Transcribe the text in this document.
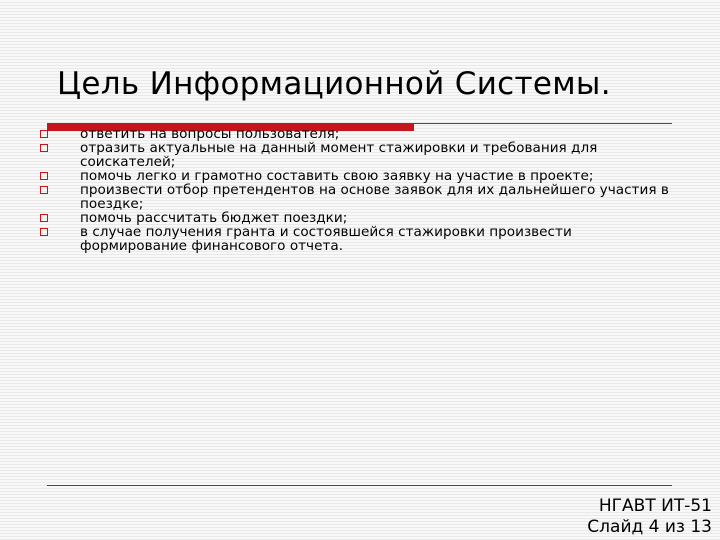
Цель Информационной Системы.
ответить на вопросы пользователя;
отразить актуальные на данный момент стажировки и требования для соискателей;
помочь легко и грамотно составить свою заявку на участие в проекте;
произвести отбор претендентов на основе заявок для их дальнейшего участия в поездке;
помочь рассчитать бюджет поездки;
в случае получения гранта и состоявшейся стажировки произвести формирование финансового отчета.
НГАВТ ИТ-51
Слайд 4 из 13
